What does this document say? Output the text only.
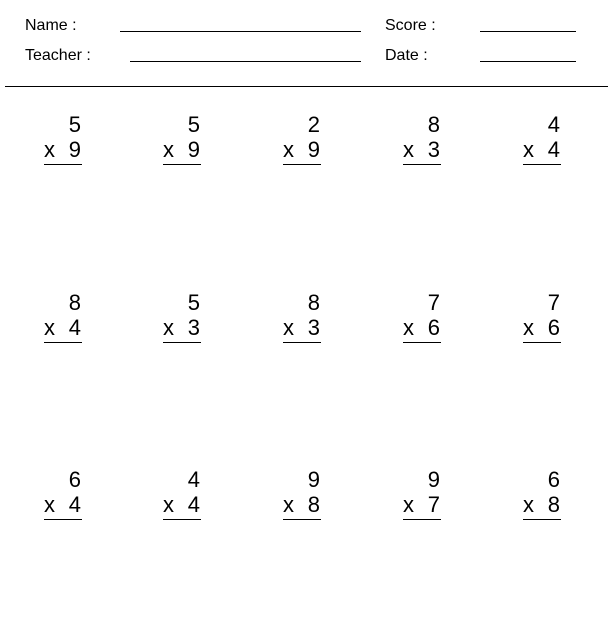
Name :	Score :
Teacher :	Date :
5
x 9
5
x 9
2
x 9
8
x 3
4
x 4
8
x 4
5
x 3
8
x 3
7
x 6
7
x 6
6
x 4
4
x 4
9
x 8
9
x 7
6
x 8
